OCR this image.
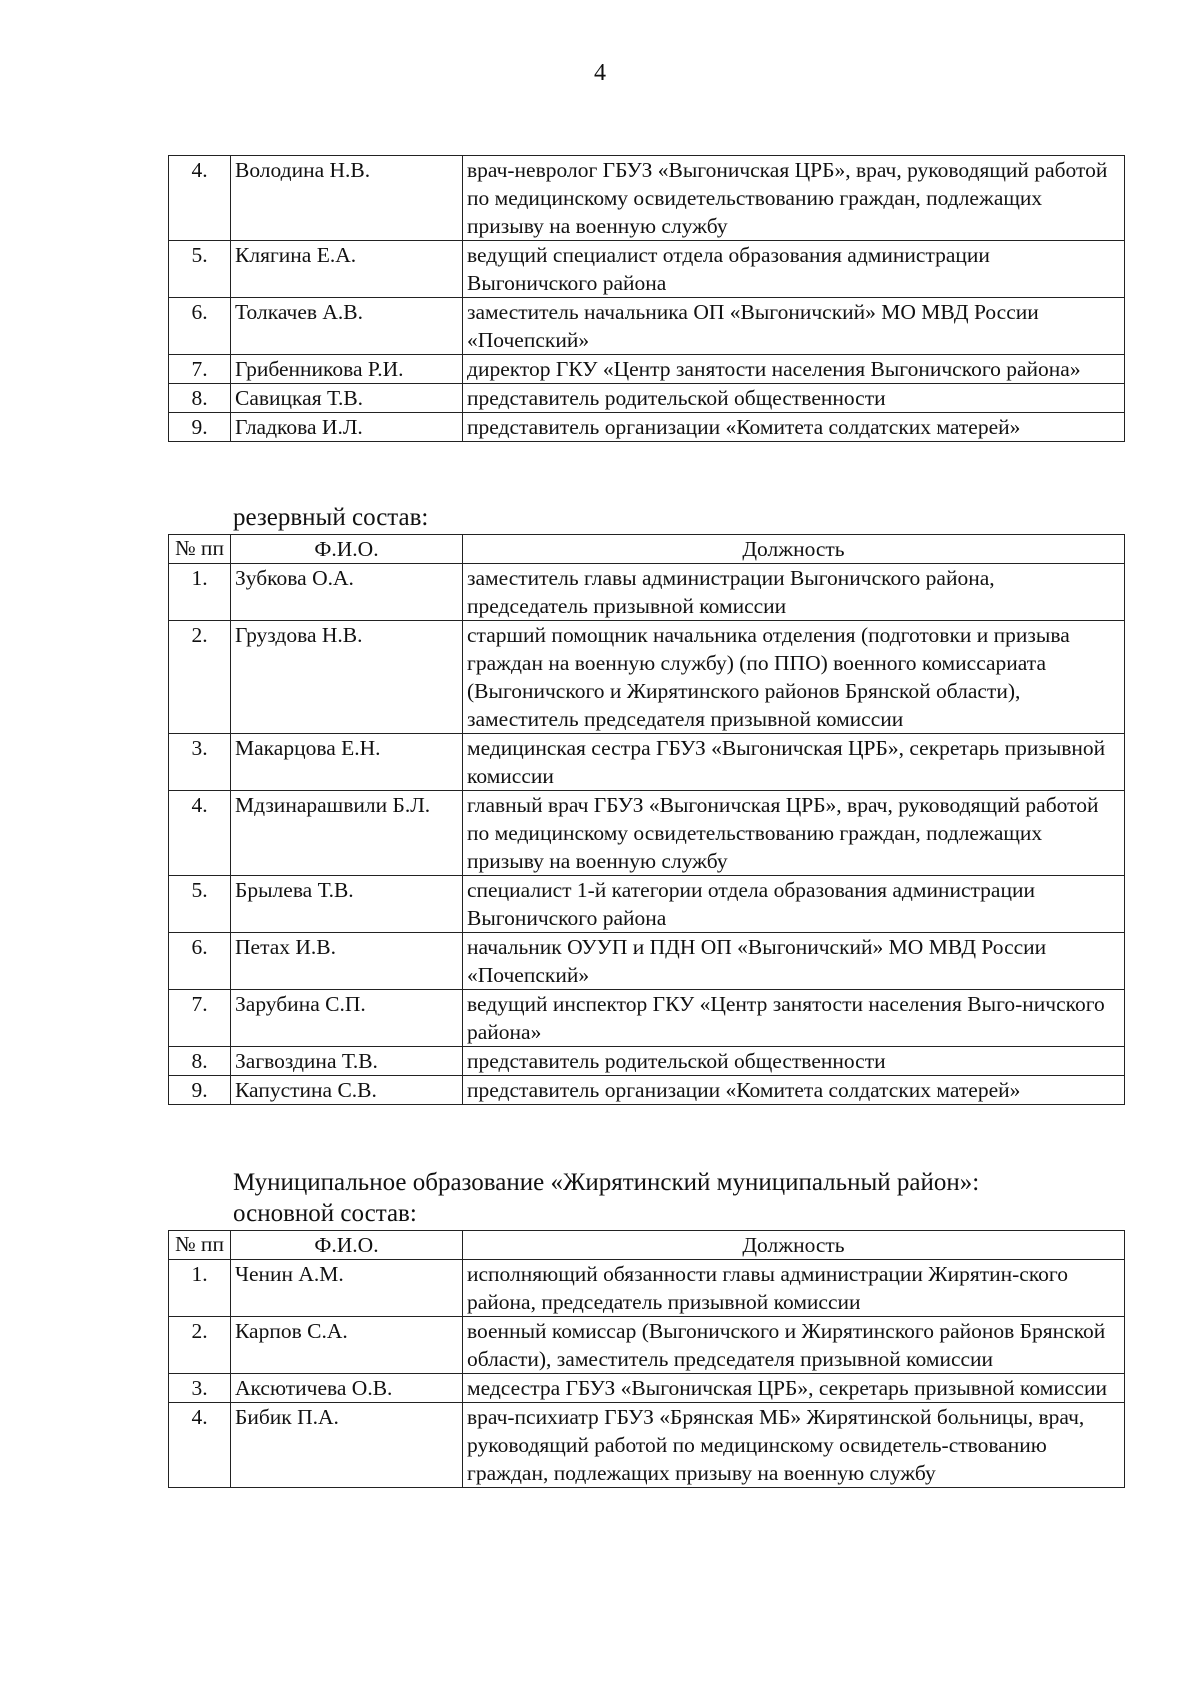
4
4.	Володина Н.В.	врач-невролог ГБУЗ «Выгоничская ЦРБ», врач, руководящий работой по медицинскому освидетельствованию граждан, подлежащих призыву на военную службу
5.	Клягина Е.А.	ведущий специалист отдела образования администрации Выгоничского района
6.	Толкачев А.В.	заместитель начальника ОП «Выгоничский» МО МВД России «Почепский»
7.	Грибенникова Р.И.	директор ГКУ «Центр занятости населения Выгоничского района»
8.	Савицкая Т.В.	представитель родительской общественности
9.	Гладкова И.Л.	представитель организации «Комитета солдатских матерей»
резервный состав:
№ пп	Ф.И.О.	Должность
1.	Зубкова О.А.	заместитель главы администрации Выгоничского района, председатель призывной комиссии
2.	Груздова Н.В.	старший помощник начальника отделения (подготовки и призыва граждан на военную службу) (по ППО) военного комиссариата (Выгоничского и Жирятинского районов Брянской области), заместитель председателя призывной комиссии
3.	Макарцова Е.Н.	медицинская сестра ГБУЗ «Выгоничская ЦРБ», секретарь призывной комиссии
4.	Мдзинарашвили Б.Л.	главный врач ГБУЗ «Выгоничская ЦРБ», врач, руководящий работой по медицинскому освидетельствованию граждан, подлежащих призыву на военную службу
5.	Брылева Т.В.	специалист 1-й категории отдела образования администрации Выгоничского района
6.	Петах И.В.	начальник ОУУП и ПДН ОП «Выгоничский» МО МВД России «Почепский»
7.	Зарубина С.П.	ведущий инспектор ГКУ «Центр занятости населения Выго-ничского района»
8.	Загвоздина Т.В.	представитель родительской общественности
9.	Капустина С.В.	представитель организации «Комитета солдатских матерей»
Муниципальное образование «Жирятинский муниципальный район»:
основной состав:
№ пп	Ф.И.О.	Должность
1.	Ченин А.М.	исполняющий обязанности главы администрации Жирятин-ского района, председатель призывной комиссии
2.	Карпов С.А.	военный комиссар (Выгоничского и Жирятинского районов Брянской области), заместитель председателя призывной комиссии
3.	Аксютичева О.В.	медсестра ГБУЗ «Выгоничская ЦРБ», секретарь призывной комиссии
4.	Бибик П.А.	врач-психиатр ГБУЗ «Брянская МБ» Жирятинской больницы, врач, руководящий работой по медицинскому освидетель-ствованию граждан, подлежащих призыву на военную службу
